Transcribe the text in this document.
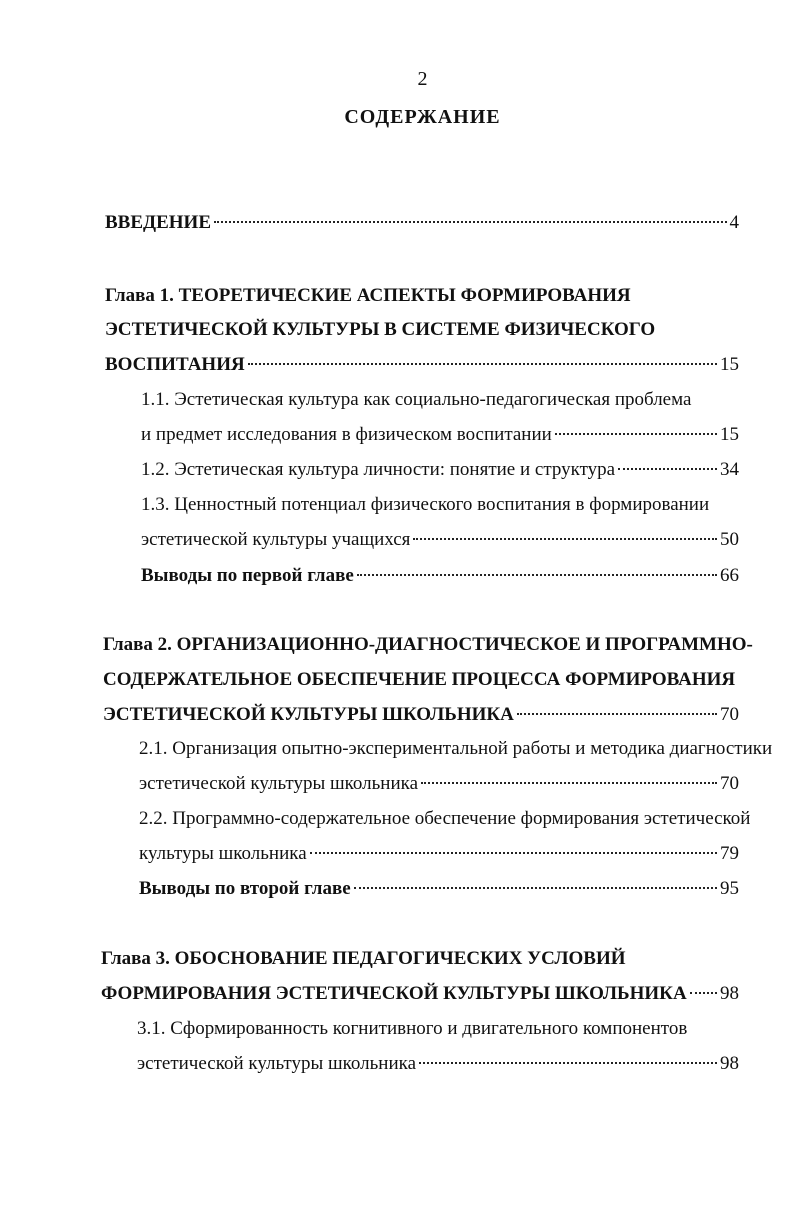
2
СОДЕРЖАНИЕ
ВВЕДЕНИЕ	4
Глава 1. ТЕОРЕТИЧЕСКИЕ АСПЕКТЫ ФОРМИРОВАНИЯ
ЭСТЕТИЧЕСКОЙ КУЛЬТУРЫ В СИСТЕМЕ ФИЗИЧЕСКОГО
ВОСПИТАНИЯ	15
1.1. Эстетическая культура как социально-педагогическая проблема
и предмет исследования в физическом воспитании	15
1.2. Эстетическая культура личности: понятие и структура	34
1.3. Ценностный потенциал физического воспитания в формировании
эстетической культуры учащихся	50
Выводы по первой главе	66
Глава 2. ОРГАНИЗАЦИОННО-ДИАГНОСТИЧЕСКОЕ И ПРОГРАММНО-
СОДЕРЖАТЕЛЬНОЕ ОБЕСПЕЧЕНИЕ ПРОЦЕССА ФОРМИРОВАНИЯ
ЭСТЕТИЧЕСКОЙ КУЛЬТУРЫ ШКОЛЬНИКА	70
2.1. Организация опытно-экспериментальной работы и методика диагностики
эстетической культуры школьника	70
2.2. Программно-содержательное обеспечение формирования эстетической
культуры школьника	79
Выводы по второй главе	95
Глава 3. ОБОСНОВАНИЕ ПЕДАГОГИЧЕСКИХ УСЛОВИЙ
ФОРМИРОВАНИЯ ЭСТЕТИЧЕСКОЙ КУЛЬТУРЫ ШКОЛЬНИКА 98
3.1. Сформированность когнитивного и двигательного компонентов
эстетической культуры школьника	98
